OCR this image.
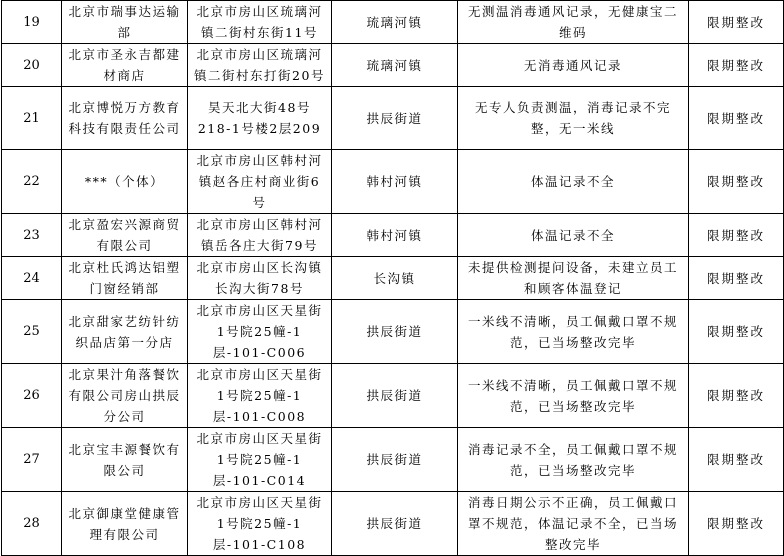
19	北京市瑞事达运输部	北京市房山区琉璃河镇二街村东街11号	琉璃河镇	无测温消毒通风记录，无健康宝二维码	限期整改
20	北京市圣永吉都建材商店	北京市房山区琉璃河镇二街村东打街20号	琉璃河镇	无消毒通风记录	限期整改
21	北京博悦万方教育科技有限责任公司	昊天北大街48号218-1号楼2层209	拱辰街道	无专人负责测温，消毒记录不完整，无一米线	限期整改
22	***（个体）	北京市房山区韩村河镇赵各庄村商业街6号	韩村河镇	体温记录不全	限期整改
23	北京盈宏兴源商贸有限公司	北京市房山区韩村河镇岳各庄大街79号	韩村河镇	体温记录不全	限期整改
24	北京杜氏鸿达铝塑门窗经销部	北京市房山区长沟镇长沟大街78号	长沟镇	未提供检测提问设备，未建立员工和顾客体温登记	限期整改
25	北京甜家艺纺针纺织品店第一分店	北京市房山区天星街1号院25幢-1层-101-C006	拱辰街道	一米线不清晰，员工佩戴口罩不规范，已当场整改完毕	限期整改
26	北京果汁角落餐饮有限公司房山拱辰分公司	北京市房山区天星街1号院25幢-1层-101-C008	拱辰街道	一米线不清晰，员工佩戴口罩不规范，已当场整改完毕	限期整改
27	北京宝丰源餐饮有限公司	北京市房山区天星街1号院25幢-1层-101-C014	拱辰街道	消毒记录不全，员工佩戴口罩不规范，已当场整改完毕	限期整改
28	北京御康堂健康管理有限公司	北京市房山区天星街1号院25幢-1层-101-C108	拱辰街道	消毒日期公示不正确，员工佩戴口罩不规范，体温记录不全，已当场整改完毕	限期整改
